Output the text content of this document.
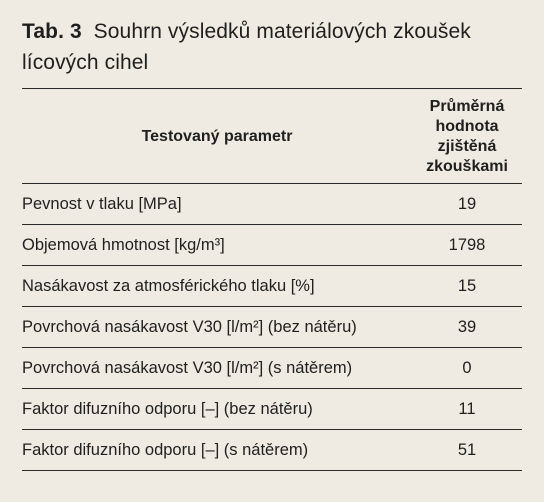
Tab. 3 Souhrn výsledků materiálových zkoušek lícových cihel
Testovaný parametr	Průměrná hodnota zjištěná zkouškami
Pevnost v tlaku [MPa]	19
Objemová hmotnost [kg/m³]	1798
Nasákavost za atmosférického tlaku [%]	15
Povrchová nasákavost V30 [l/m²] (bez nátěru)	39
Povrchová nasákavost V30 [l/m²] (s nátěrem)	0
Faktor difuzního odporu [–] (bez nátěru)	11
Faktor difuzního odporu [–] (s nátěrem)	51
